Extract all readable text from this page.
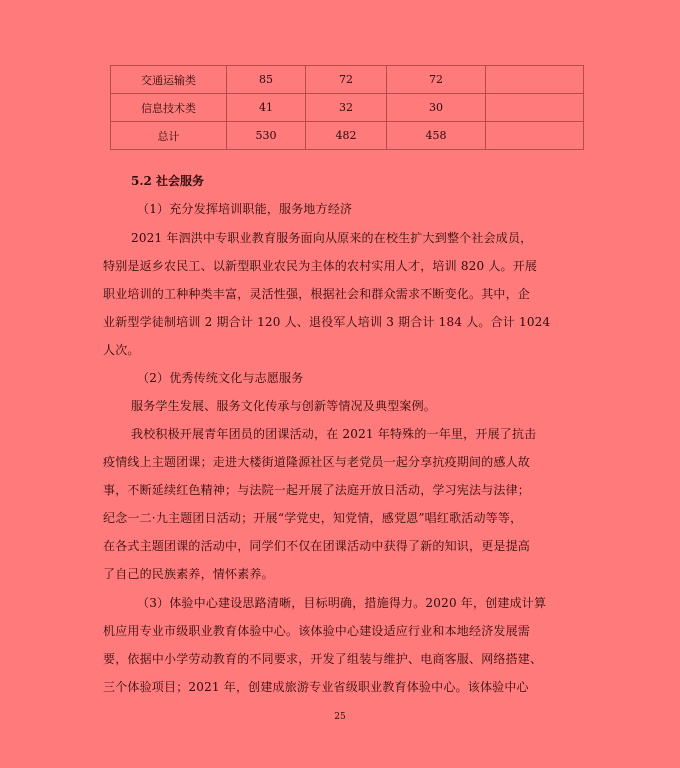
交通运输类	85	72	72	
信息技术类	41	32	30	
总计	530	482	458	
5.2 社会服务
（1）充分发挥培训职能，服务地方经济
2021 年泗洪中专职业教育服务面向从原来的在校生扩大到整个社会成员，
特别是返乡农民工、以新型职业农民为主体的农村实用人才，培训 820 人。开展
职业培训的工种种类丰富，灵活性强，根据社会和群众需求不断变化。其中，企
业新型学徒制培训 2 期合计 120 人、退役军人培训 3 期合计 184 人。合计 1024
人次。
（2）优秀传统文化与志愿服务
服务学生发展、服务文化传承与创新等情况及典型案例。
我校积极开展青年团员的团课活动，在 2021 年特殊的一年里，开展了抗击
疫情线上主题团课；走进大楼街道隆源社区与老党员一起分享抗疫期间的感人故
事，不断延续红色精神；与法院一起开展了法庭开放日活动，学习宪法与法律；
纪念一二·九主题团日活动；开展“学党史，知党情，感党恩”唱红歌活动等等，
在各式主题团课的活动中，同学们不仅在团课活动中获得了新的知识，更是提高
了自己的民族素养，情怀素养。
（3）体验中心建设思路清晰，目标明确，措施得力。2020 年，创建成计算
机应用专业市级职业教育体验中心。该体验中心建设适应行业和本地经济发展需
要，依据中小学劳动教育的不同要求，开发了组装与维护、电商客服、网络搭建、
三个体验项目；2021 年，创建成旅游专业省级职业教育体验中心。该体验中心
25
